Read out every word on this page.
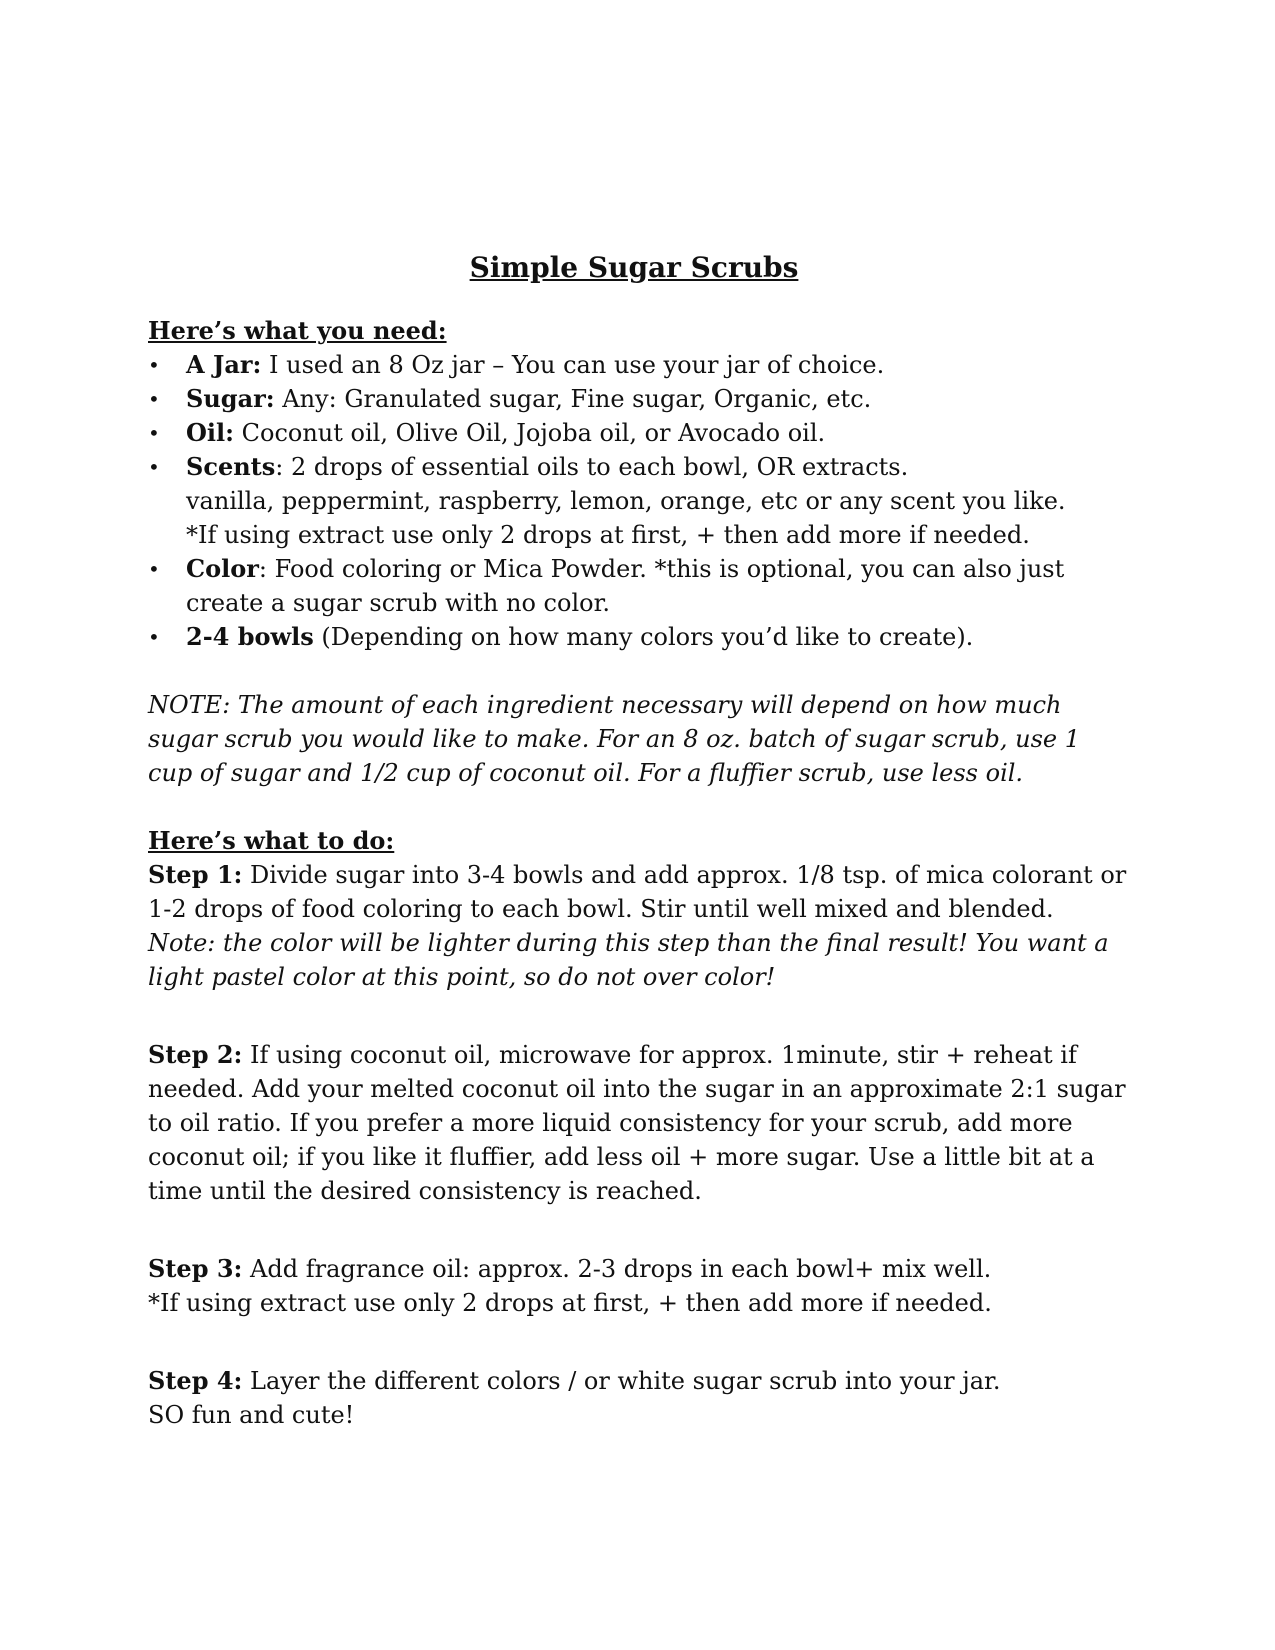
Simple Sugar Scrubs

Here’s what you need:

• A Jar: I used an 8 Oz jar – You can use your jar of choice.
• Sugar: Any: Granulated sugar, Fine sugar, Organic, etc.
• Oil: Coconut oil, Olive Oil, Jojoba oil, or Avocado oil.
• Scents: 2 drops of essential oils to each bowl, OR extracts.
vanilla, peppermint, raspberry, lemon, orange, etc or any scent you like.
*If using extract use only 2 drops at first, + then add more if needed.
• Color: Food coloring or Mica Powder. *this is optional, you can also just create a sugar scrub with no color.
• 2-4 bowls (Depending on how many colors you’d like to create).

NOTE: The amount of each ingredient necessary will depend on how much sugar scrub you would like to make. For an 8 oz. batch of sugar scrub, use 1 cup of sugar and 1/2 cup of coconut oil. For a fluffier scrub, use less oil.

Here’s what to do:

Step 1: Divide sugar into 3-4 bowls and add approx. 1/8 tsp. of mica colorant or 1-2 drops of food coloring to each bowl. Stir until well mixed and blended. Note: the color will be lighter during this step than the final result! You want a light pastel color at this point, so do not over color!

Step 2: If using coconut oil, microwave for approx. 1minute, stir + reheat if needed. Add your melted coconut oil into the sugar in an approximate 2:1 sugar to oil ratio. If you prefer a more liquid consistency for your scrub, add more coconut oil; if you like it fluffier, add less oil + more sugar. Use a little bit at a time until the desired consistency is reached.

Step 3: Add fragrance oil: approx. 2-3 drops in each bowl+ mix well.
*If using extract use only 2 drops at first, + then add more if needed.

Step 4: Layer the different colors / or white sugar scrub into your jar.
SO fun and cute!
